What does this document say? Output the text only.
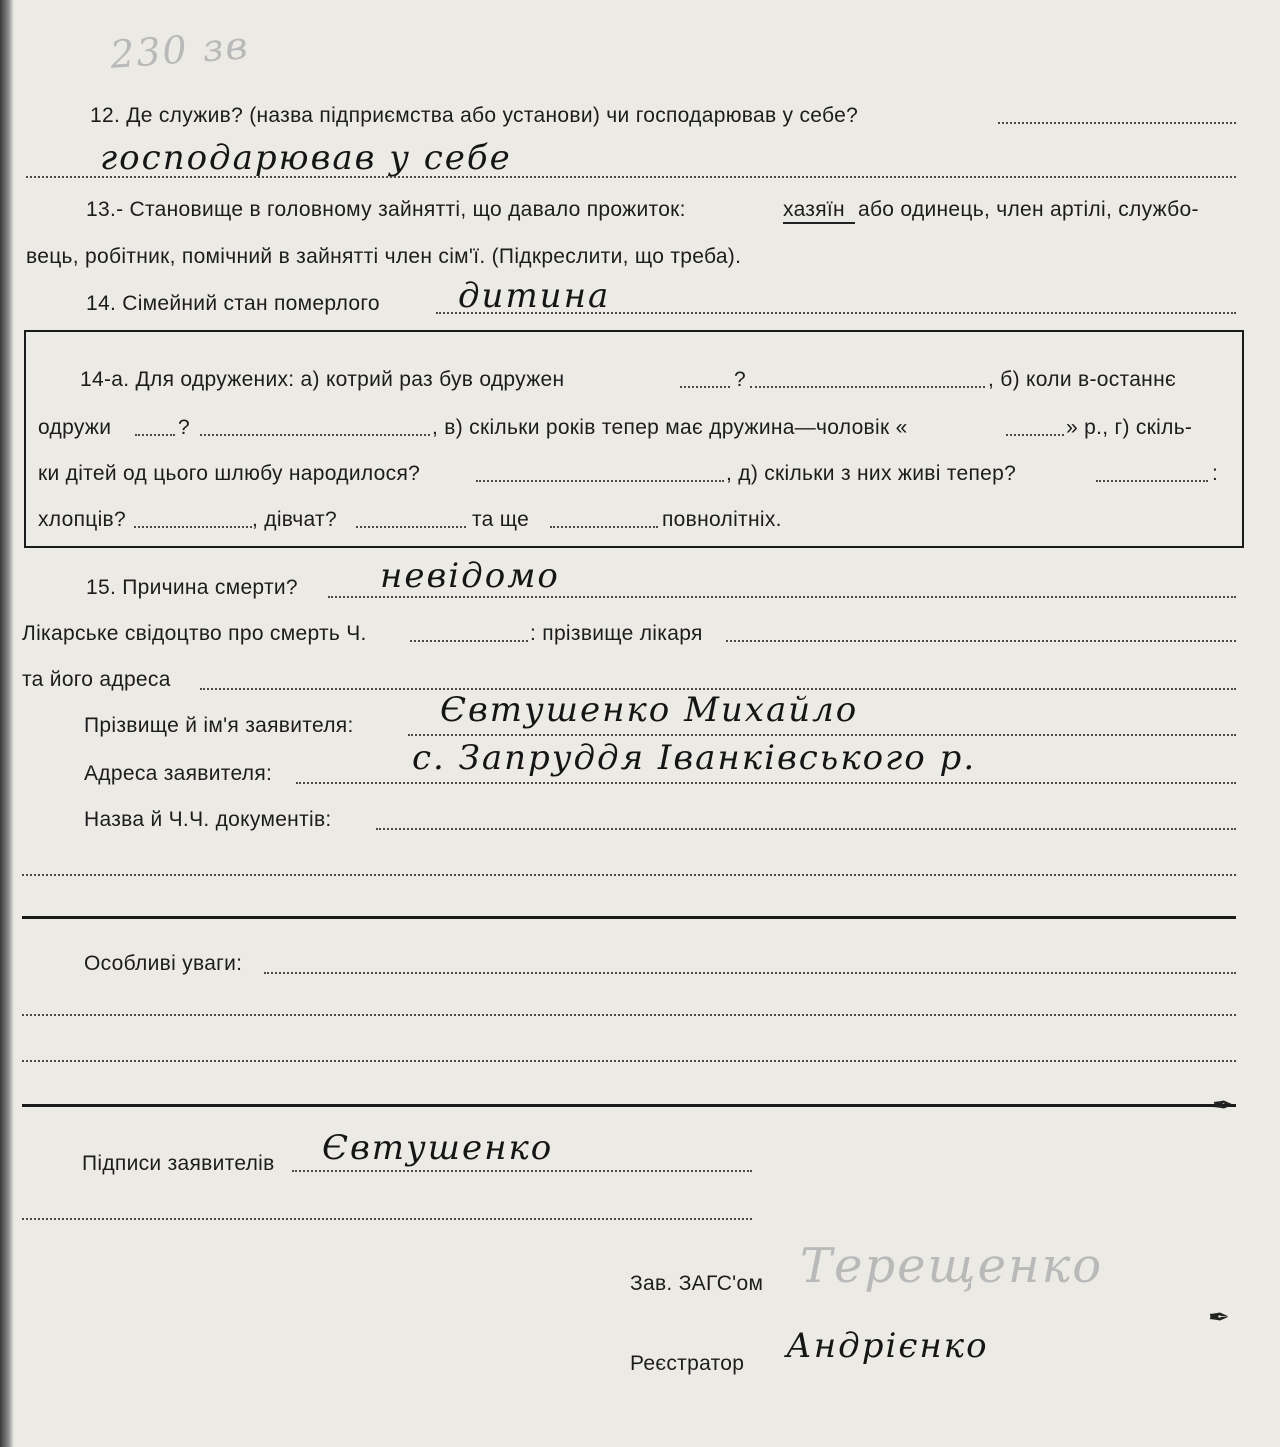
230 зв
12. Де служив? (назва підприємства або установи) чи господарював у себе?
господарював у себе
13.- Становище в головному зайнятті, що давало прожиток:	хазяїн або одинець, член артілі, службо-
вець, робітник, помічний в зайнятті член сім'ї. (Підкреслити, що треба).
14. Сімейний стан померлого дитина
14-а. Для одружених: а) котрий раз був одружен	?	, б) коли в-останнє
одружи	?	, в) скільки років тепер має дружина—чоловік «	» р., г) скіль-
ки дітей од цього шлюбу народилося?	, д) скільки з них живі тепер?	:
хлопців?	, дівчат?	та ще	повнолітніх.
15. Причина смерти? невідомо
Лікарське свідоцтво про смерть Ч.	: прізвище лікаря
та його адреса
Прізвище й ім'я заявителя:	Євтушенко Михайло
Адреса заявителя:	с. Запруддя Іванківського р.
Назва й Ч.Ч. документів:
Особливі уваги:
✒
Підписи заявителів Євтушенко
Зав. ЗАГС'ом Терещенко
Реєстратор Андрієнко
✒
